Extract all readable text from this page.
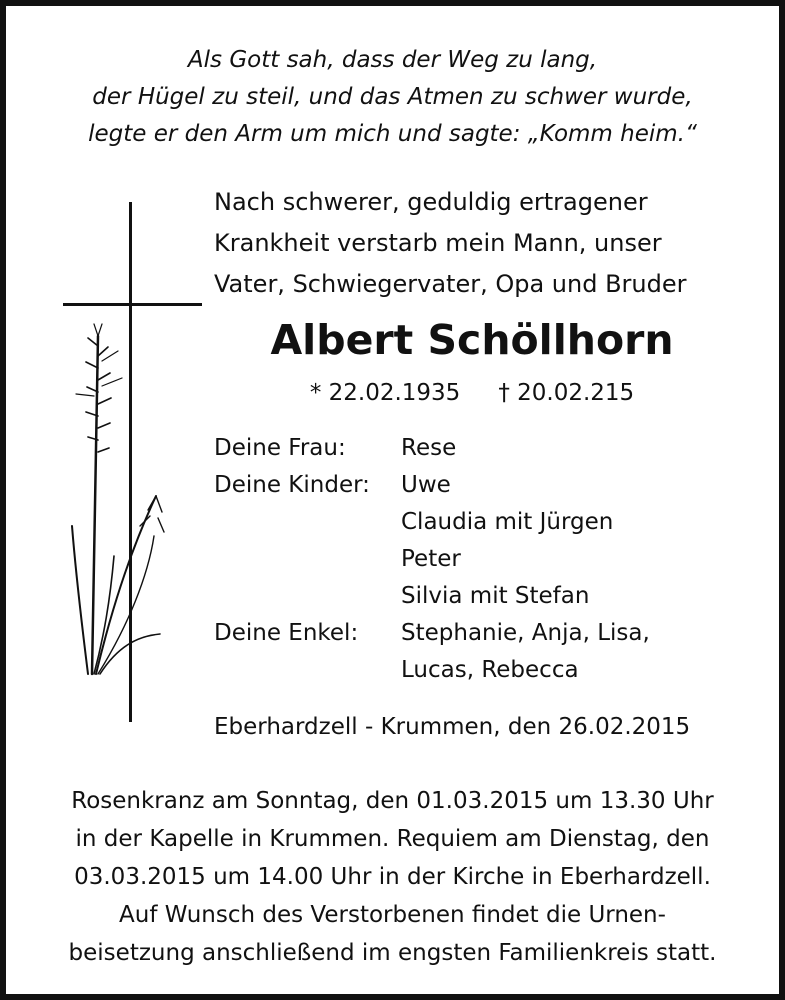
Als Gott sah, dass der Weg zu lang,
der Hügel zu steil, und das Atmen zu schwer wurde,
legte er den Arm um mich und sagte: „Komm heim.“
Nach schwerer, geduldig ertragener
Krankheit verstarb mein Mann, unser
Vater, Schwiegervater, Opa und Bruder
Albert Schöllhorn
* 22.02.1935 † 20.02.215
Deine Frau:	Rese
Deine Kinder:	Uwe
Claudia mit Jürgen
Peter
Silvia mit Stefan
Deine Enkel:	Stephanie, Anja, Lisa,
Lucas, Rebecca
Eberhardzell - Krummen, den 26.02.2015
Rosenkranz am Sonntag, den 01.03.2015 um 13.30 Uhr
in der Kapelle in Krummen. Requiem am Dienstag, den
03.03.2015 um 14.00 Uhr in der Kirche in Eberhardzell.
Auf Wunsch des Verstorbenen findet die Urnen-
beisetzung anschließend im engsten Familienkreis statt.
